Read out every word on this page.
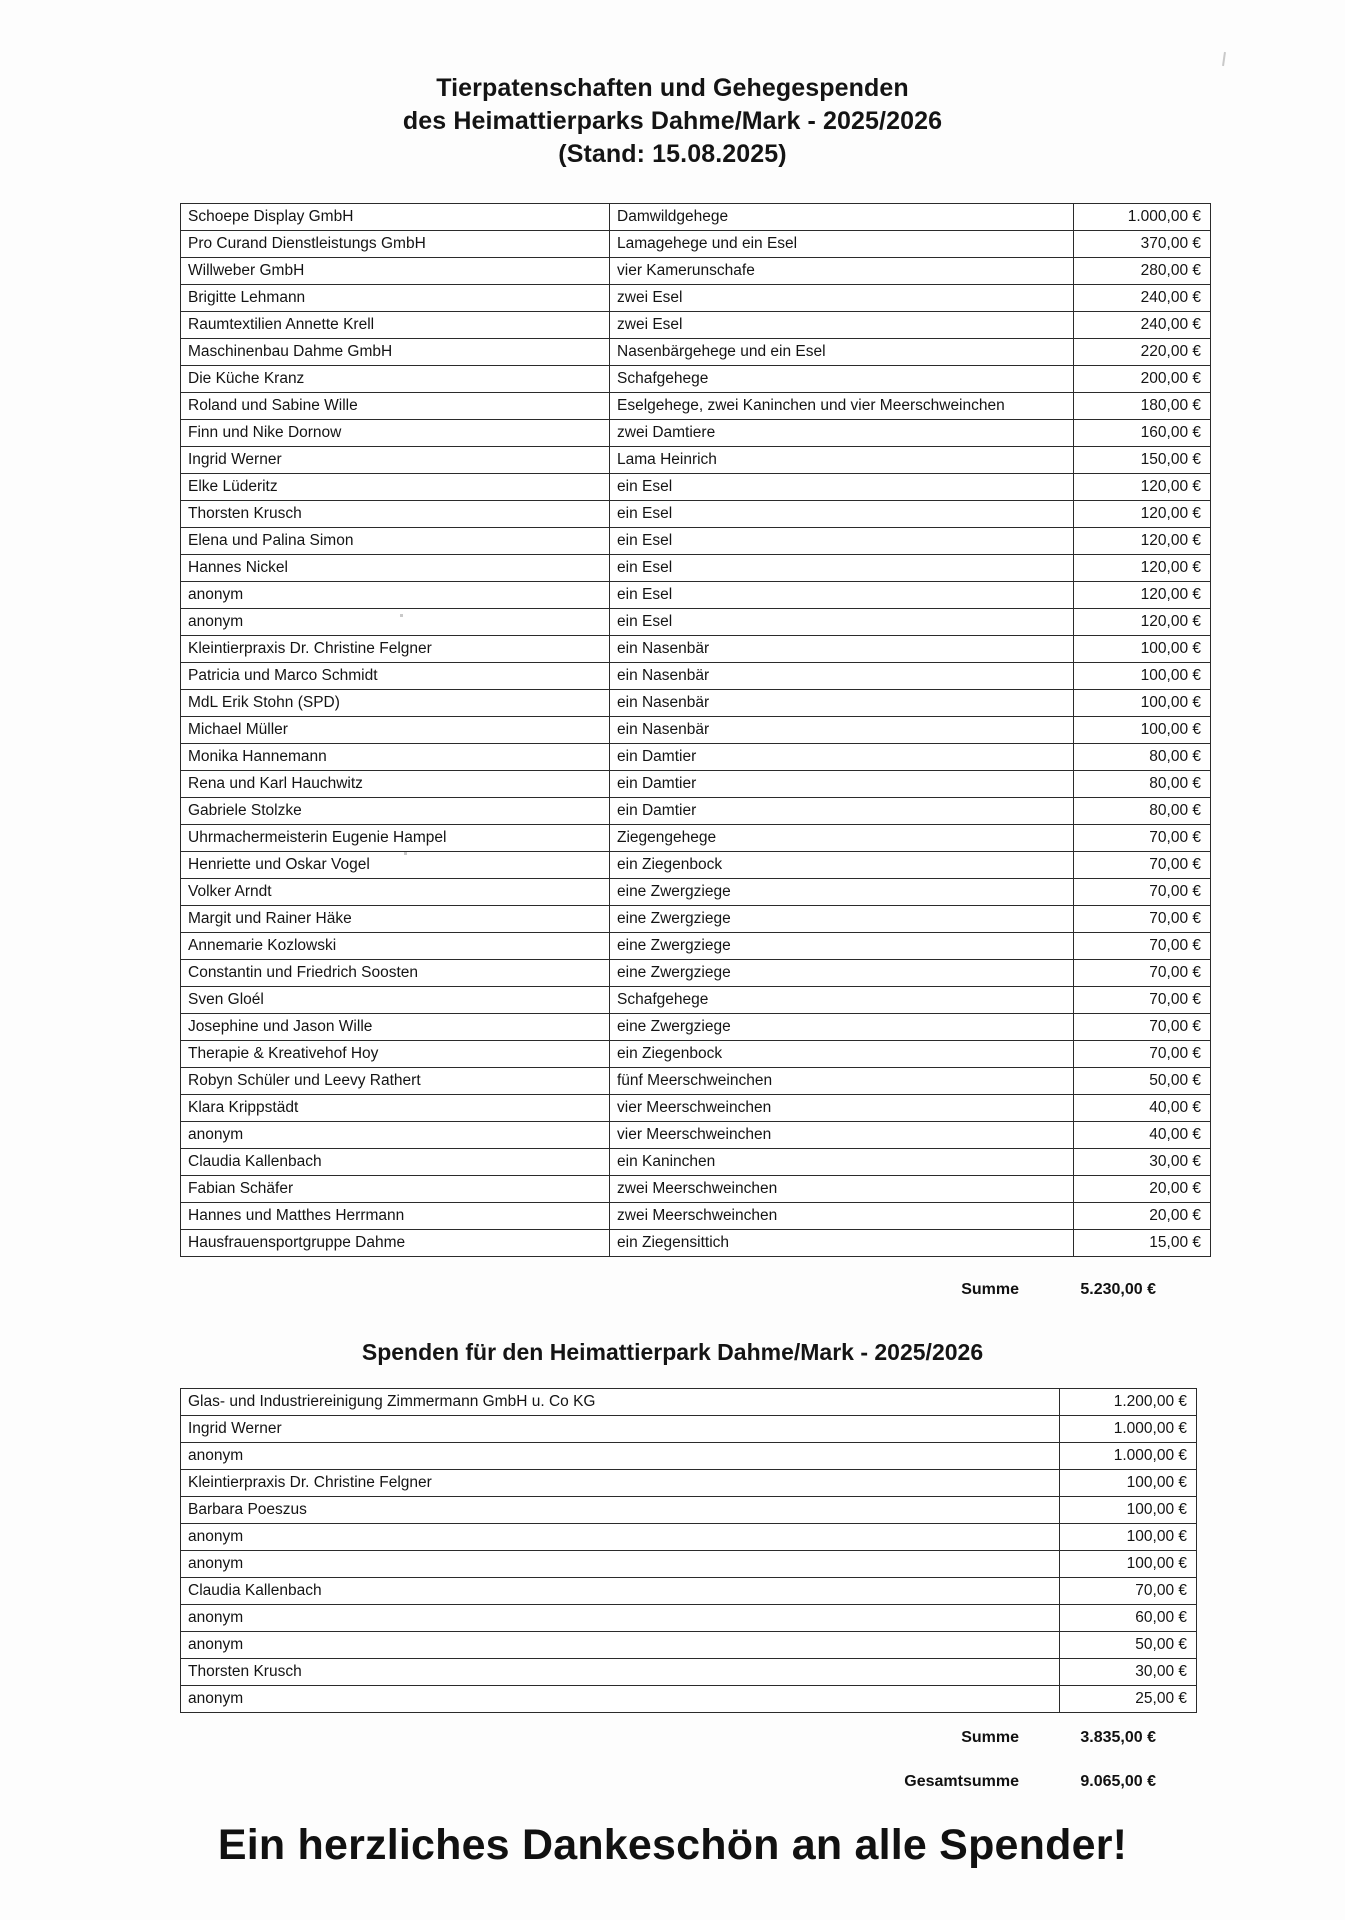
Tierpatenschaften und Gehegespenden
des Heimattierparks Dahme/Mark - 2025/2026
(Stand: 15.08.2025)
Schoepe Display GmbH	Damwildgehege	1.000,00 €
Pro Curand Dienstleistungs GmbH	Lamagehege und ein Esel	370,00 €
Willweber GmbH	vier Kamerunschafe	280,00 €
Brigitte Lehmann	zwei Esel	240,00 €
Raumtextilien Annette Krell	zwei Esel	240,00 €
Maschinenbau Dahme GmbH	Nasenbärgehege und ein Esel	220,00 €
Die Küche Kranz	Schafgehege	200,00 €
Roland und Sabine Wille	Eselgehege, zwei Kaninchen und vier Meerschweinchen	180,00 €
Finn und Nike Dornow	zwei Damtiere	160,00 €
Ingrid Werner	Lama Heinrich	150,00 €
Elke Lüderitz	ein Esel	120,00 €
Thorsten Krusch	ein Esel	120,00 €
Elena und Palina Simon	ein Esel	120,00 €
Hannes Nickel	ein Esel	120,00 €
anonym	ein Esel	120,00 €
anonym	ein Esel	120,00 €
Kleintierpraxis Dr. Christine Felgner	ein Nasenbär	100,00 €
Patricia und Marco Schmidt	ein Nasenbär	100,00 €
MdL Erik Stohn (SPD)	ein Nasenbär	100,00 €
Michael Müller	ein Nasenbär	100,00 €
Monika Hannemann	ein Damtier	80,00 €
Rena und Karl Hauchwitz	ein Damtier	80,00 €
Gabriele Stolzke	ein Damtier	80,00 €
Uhrmachermeisterin Eugenie Hampel	Ziegengehege	70,00 €
Henriette und Oskar Vogel	ein Ziegenbock	70,00 €
Volker Arndt	eine Zwergziege	70,00 €
Margit und Rainer Häke	eine Zwergziege	70,00 €
Annemarie Kozlowski	eine Zwergziege	70,00 €
Constantin und Friedrich Soosten	eine Zwergziege	70,00 €
Sven Gloél	Schafgehege	70,00 €
Josephine und Jason Wille	eine Zwergziege	70,00 €
Therapie & Kreativehof Hoy	ein Ziegenbock	70,00 €
Robyn Schüler und Leevy Rathert	fünf Meerschweinchen	50,00 €
Klara Krippstädt	vier Meerschweinchen	40,00 €
anonym	vier Meerschweinchen	40,00 €
Claudia Kallenbach	ein Kaninchen	30,00 €
Fabian Schäfer	zwei Meerschweinchen	20,00 €
Hannes und Matthes Herrmann	zwei Meerschweinchen	20,00 €
Hausfrauensportgruppe Dahme	ein Ziegensittich	15,00 €
Summe	5.230,00 €
Spenden für den Heimattierpark Dahme/Mark - 2025/2026
Glas- und Industriereinigung Zimmermann GmbH u. Co KG	1.200,00 €
Ingrid Werner	1.000,00 €
anonym	1.000,00 €
Kleintierpraxis Dr. Christine Felgner	100,00 €
Barbara Poeszus	100,00 €
anonym	100,00 €
anonym	100,00 €
Claudia Kallenbach	70,00 €
anonym	60,00 €
anonym	50,00 €
Thorsten Krusch	30,00 €
anonym	25,00 €
Summe	3.835,00 €
Gesamtsumme	9.065,00 €
Ein herzliches Dankeschön an alle Spender!
